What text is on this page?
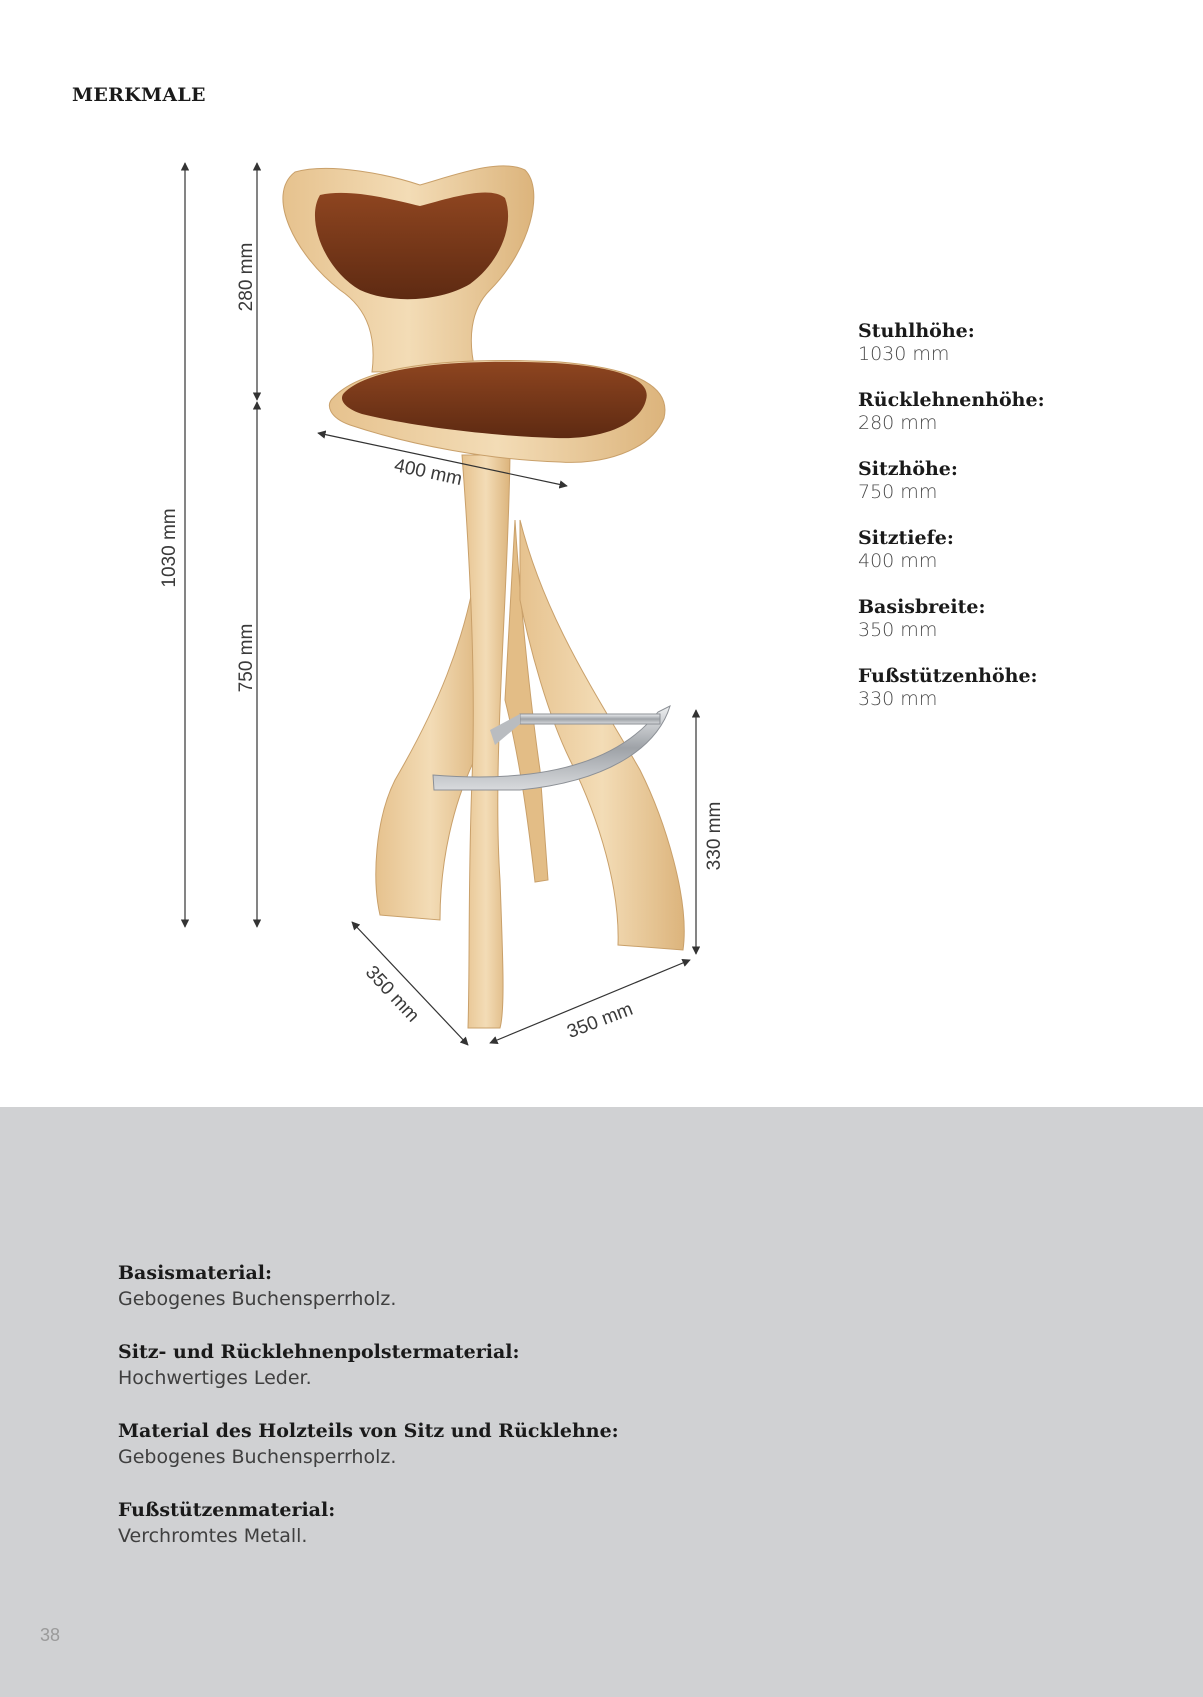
MERKMALE
1030 mm
280 mm
750 mm
400 mm
330 mm
350 mm	350 mm
Stuhlhöhe:
1030 mm
Rücklehnenhöhe:
280 mm
Sitzhöhe:
750 mm
Sitztiefe:
400 mm
Basisbreite:
350 mm
Fußstützenhöhe:
330 mm
Basismaterial:
Gebogenes Buchensperrholz.
Sitz- und Rücklehnenpolstermaterial:
Hochwertiges Leder.
Material des Holzteils von Sitz und Rücklehne:
Gebogenes Buchensperrholz.
Fußstützenmaterial:
Verchromtes Metall.
38
